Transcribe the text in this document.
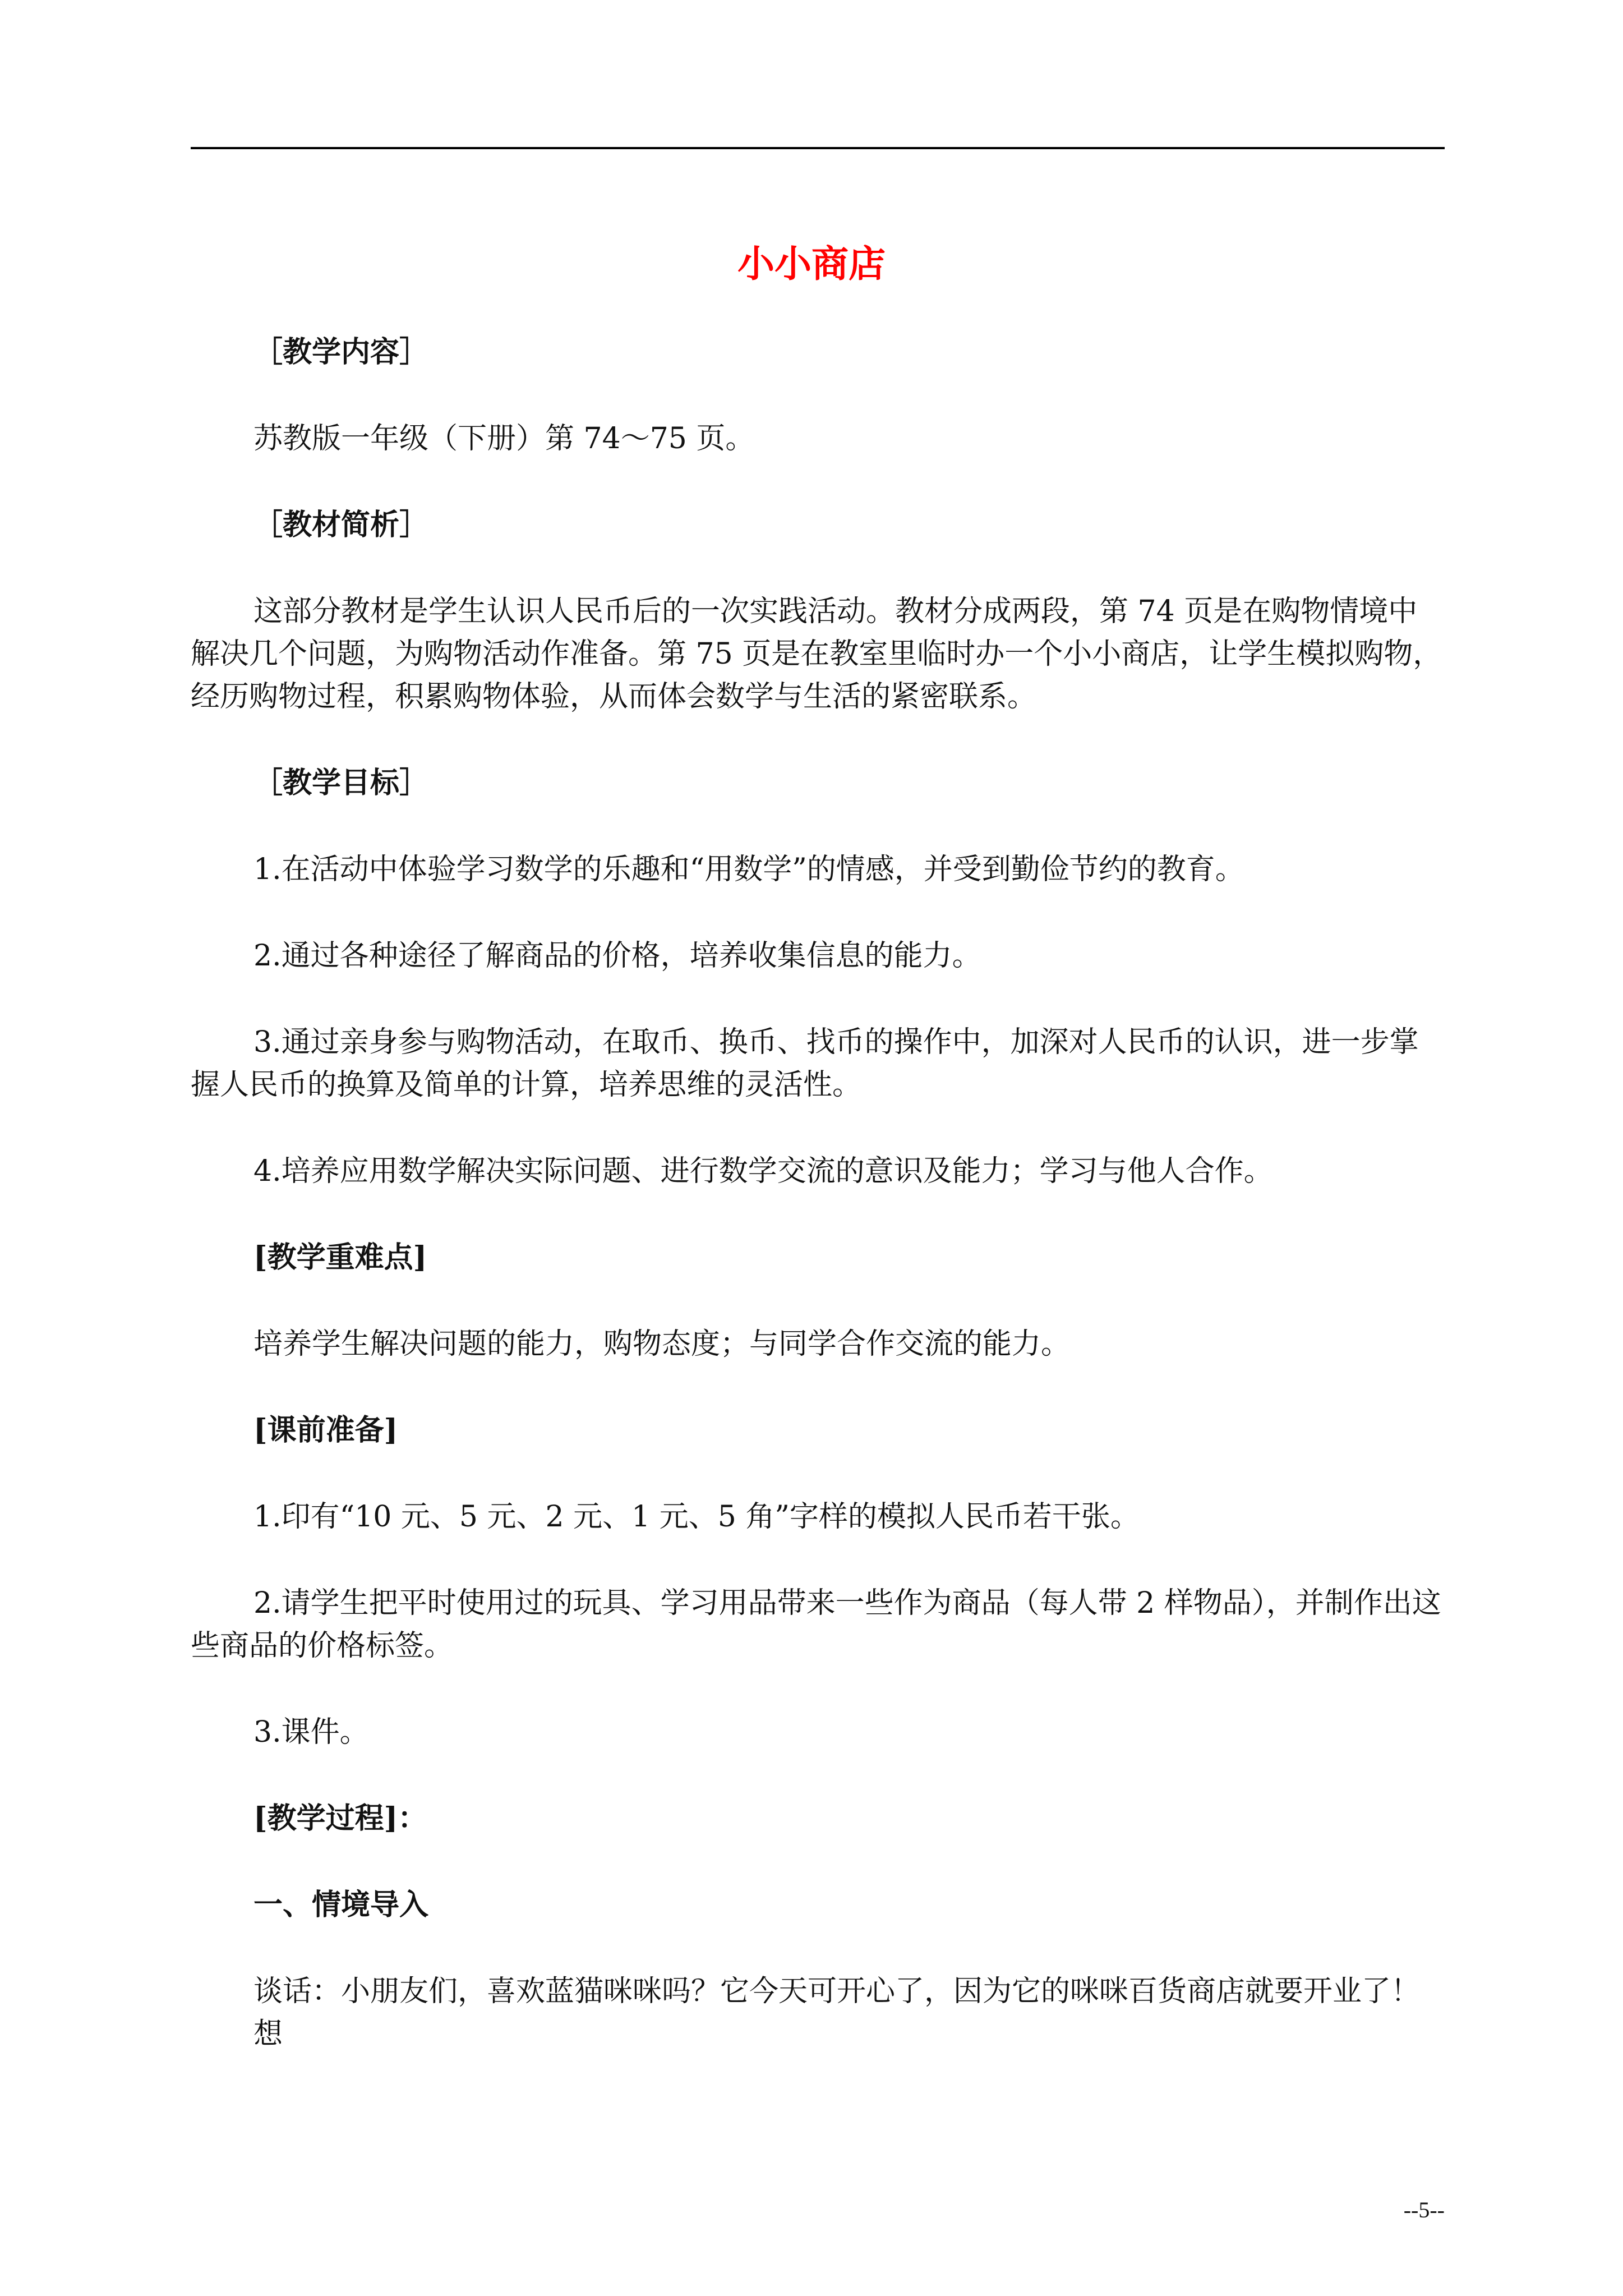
小小商店

［教学内容］

苏教版一年级（下册）第 74～75 页。

［教材简析］

这部分教材是学生认识人民币后的一次实践活动。教材分成两段，第 74 页是在购物情境中解决几个问题，为购物活动作准备。第 75 页是在教室里临时办一个小小商店，让学生模拟购物，经历购物过程，积累购物体验，从而体会数学与生活的紧密联系。

［教学目标］

1.在活动中体验学习数学的乐趣和“用数学”的情感，并受到勤俭节约的教育。

2.通过各种途径了解商品的价格，培养收集信息的能力。

3.通过亲身参与购物活动，在取币、换币、找币的操作中，加深对人民币的认识，进一步掌握人民币的换算及简单的计算，培养思维的灵活性。

4.培养应用数学解决实际问题、进行数学交流的意识及能力；学习与他人合作。

[教学重难点]

培养学生解决问题的能力，购物态度；与同学合作交流的能力。

[课前准备]

1.印有“10 元、5 元、2 元、1 元、5 角”字样的模拟人民币若干张。

2.请学生把平时使用过的玩具、学习用品带来一些作为商品（每人带 2 样物品），并制作出这些商品的价格标签。

3.课件。

[教学过程]：

一、情境导入

谈话：小朋友们，喜欢蓝猫咪咪吗？它今天可开心了，因为它的咪咪百货商店就要开业了！想

--5--
